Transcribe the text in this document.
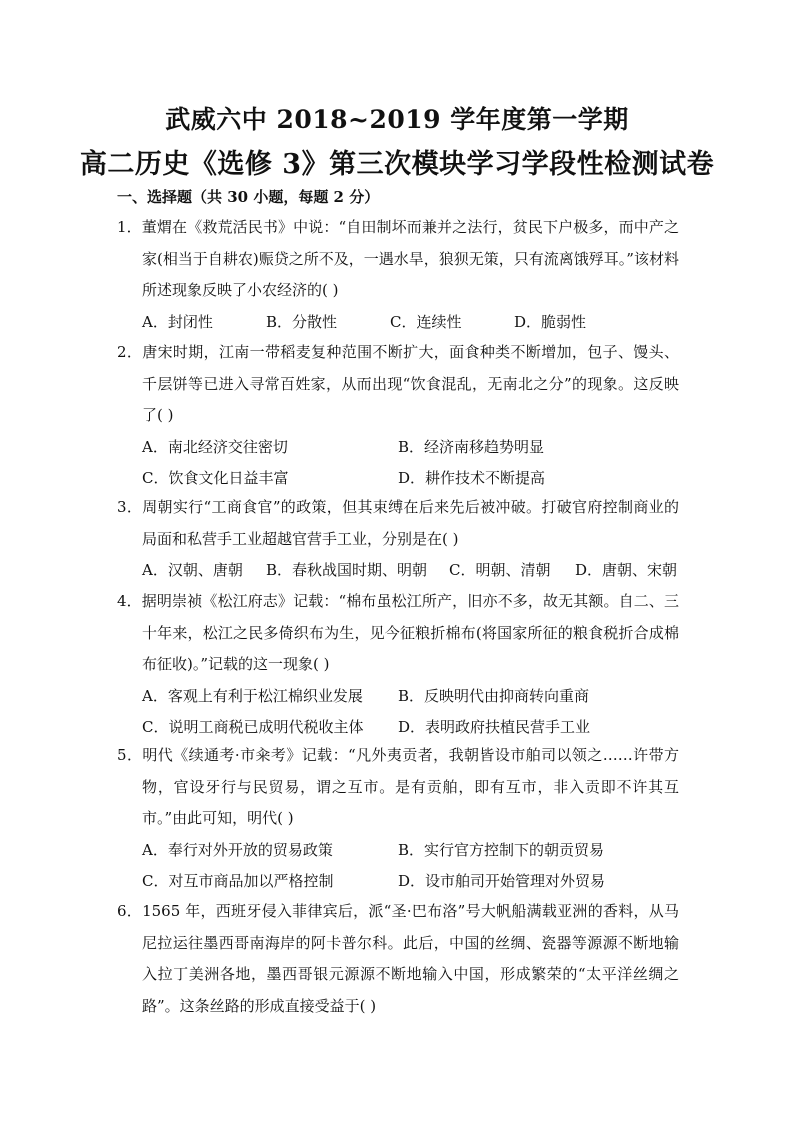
武威六中 2018~2019 学年度第一学期
高二历史《选修 3》第三次模块学习学段性检测试卷
一、选择题（共 30 小题，每题 2 分）
1．董煟在《救荒活民书》中说：“自田制坏而兼并之法行，贫民下户极多，而中产之家(相当于自耕农)赈贷之所不及，一遇水旱，狼狈无策，只有流离饿殍耳。”该材料所述现象反映了小农经济的( )
A．封闭性	B．分散性	C．连续性	D．脆弱性
2．唐宋时期，江南一带稻麦复种范围不断扩大，面食种类不断增加，包子、馒头、千层饼等已进入寻常百姓家，从而出现“饮食混乱，无南北之分”的现象。这反映了( )
A．南北经济交往密切	B．经济南移趋势明显
C．饮食文化日益丰富	D．耕作技术不断提高
3．周朝实行“工商食官”的政策，但其束缚在后来先后被冲破。打破官府控制商业的局面和私营手工业超越官营手工业，分别是在( )
A．汉朝、唐朝	B．春秋战国时期、明朝	C．明朝、清朝	D．唐朝、宋朝
4．据明崇祯《松江府志》记载：“棉布虽松江所产，旧亦不多，故无其额。自二、三十年来，松江之民多倚织布为生，见今征粮折棉布(将国家所征的粮食税折合成棉布征收)。”记载的这一现象( )
A．客观上有利于松江棉织业发展	B．反映明代由抑商转向重商
C．说明工商税已成明代税收主体	D．表明政府扶植民营手工业
5．明代《续通考·市籴考》记载：“凡外夷贡者，我朝皆设市舶司以领之……许带方物，官设牙行与民贸易，谓之互市。是有贡舶，即有互市，非入贡即不许其互市。”由此可知，明代( )
A．奉行对外开放的贸易政策	B．实行官方控制下的朝贡贸易
C．对互市商品加以严格控制	D．设市舶司开始管理对外贸易
6．1565 年，西班牙侵入菲律宾后，派“圣·巴布洛”号大帆船满载亚洲的香料，从马尼拉运往墨西哥南海岸的阿卡普尔科。此后，中国的丝绸、瓷器等源源不断地输入拉丁美洲各地，墨西哥银元源源不断地输入中国，形成繁荣的“太平洋丝绸之路”。这条丝路的形成直接受益于( )
